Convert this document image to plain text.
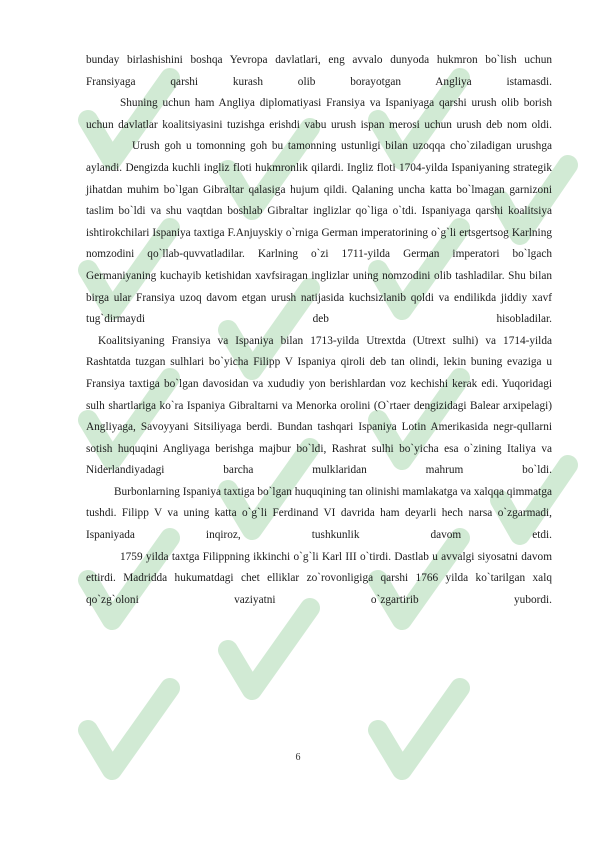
bunday birlashishini boshqa Yevropa davlatlari, eng avvalo dunyoda hukmron bo`lish uchun Fransiyaga qarshi kurash olib borayotgan Angliya istamasdi.

Shuning uchun ham Angliya diplomatiyasi Fransiya va Ispaniyaga qarshi urush olib borish uchun davlatlar koalitsiyasini tuzishga erishdi vabu urush ispan merosi uchun urush deb nom oldi.

Urush goh u tomonning goh bu tamonning ustunligi bilan uzoqqa cho`ziladigan urushga aylandi. Dengizda kuchli ingliz floti hukmronlik qilardi. Ingliz floti 1704-yilda Ispaniyaning strategik jihatdan muhim bo`lgan Gibraltar qalasiga hujum qildi. Qalaning uncha katta bo`lmagan garnizoni taslim bo`ldi va shu vaqtdan boshlab Gibraltar inglizlar qo`liga o`tdi. Ispaniyaga qarshi koalitsiya ishtirokchilari Ispaniya taxtiga F.Anjuyskiy o`rniga German imperatorining o`g`li ertsgertsog Karlning nomzodini qo`llab-quvvatladilar. Karlning o`zi 1711-yilda German imperatori bo`lgach Germaniyaning kuchayib ketishidan xavfsiragan inglizlar uning nomzodini olib tashladilar. Shu bilan birga ular Fransiya uzoq davom etgan urush natijasida kuchsizlanib qoldi va endilikda jiddiy xavf tug`dirmaydi deb hisobladilar.

Koalitsiyaning Fransiya va Ispaniya bilan 1713-yilda Utrextda (Utrext sulhi) va 1714-yilda Rashtatda tuzgan sulhlari bo`yicha Filipp V Ispaniya qiroli deb tan olindi, lekin buning evaziga u Fransiya taxtiga bo`lgan davosidan va xududiy yon berishlardan voz kechishi kerak edi. Yuqoridagi sulh shartlariga ko`ra Ispaniya Gibraltarni va Menorka orolini (O`rtaer dengizidagi Balear arxipelagi) Angliyaga, Savoyyani Sitsiliyaga berdi. Bundan tashqari Ispaniya Lotin Amerikasida negr-qullarni sotish huquqini Angliyaga berishga majbur bo`ldi, Rashrat sulhi bo`yicha esa o`zining Italiya va Niderlandiyadagi barcha mulklaridan mahrum bo`ldi.

Burbonlarning Ispaniya taxtiga bo`lgan huquqining tan olinishi mamlakatga va xalqqa qimmatga tushdi. Filipp V va uning katta o`g`li Ferdinand VI davrida ham deyarli hech narsa o`zgarmadi, Ispaniyada inqiroz, tushkunlik davom etdi.

1759 yilda taxtga Filippning ikkinchi o`g`li Karl III o`tirdi. Dastlab u avvalgi siyosatni davom ettirdi. Madridda hukumatdagi chet elliklar zo`rovonligiga qarshi 1766 yilda ko`tarilgan xalq qo`zg`oloni vaziyatni o`zgartirib yubordi.

6
